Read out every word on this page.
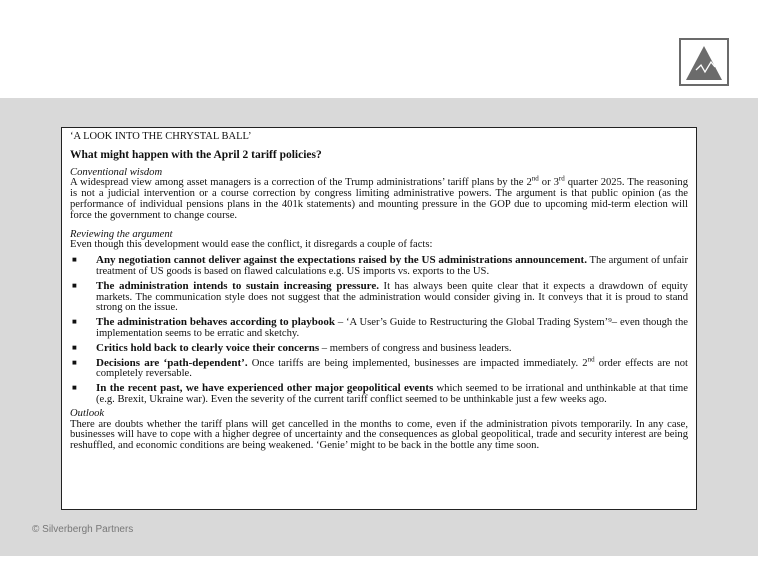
‘A LOOK INTO THE CHRYSTAL BALL’

What might happen with the April 2 tariff policies?

Conventional wisdom

A widespread view among asset managers is a correction of the Trump administrations’ tariff plans by the 2nd or 3rd quarter 2025. The reasoning is not a judicial intervention or a course correction by congress limiting administrative powers. The argument is that public opinion (as the performance of individual pensions plans in the 401k statements) and mounting pressure in the GOP due to upcoming mid-term election will force the government to change course.

Reviewing the argument

Even though this development would ease the conflict, it disregards a couple of facts:

■ Any negotiation cannot deliver against the expectations raised by the US administrations announcement. The argument of unfair treatment of US goods is based on flawed calculations e.g. US imports vs. exports to the US.
■ The administration intends to sustain increasing pressure. It has always been quite clear that it expects a drawdown of equity markets. The communication style does not suggest that the administration would consider giving in. It conveys that it is proud to stand strong on the issue.
■ The administration behaves according to playbook – ‘A User’s Guide to Restructuring the Global Trading System’⁹– even though the implementation seems to be erratic and sketchy.
■ Critics hold back to clearly voice their concerns – members of congress and business leaders.
■ Decisions are ‘path-dependent’. Once tariffs are being implemented, businesses are impacted immediately. 2nd order effects are not completely reversable.
■ In the recent past, we have experienced other major geopolitical events which seemed to be irrational and unthinkable at that time (e.g. Brexit, Ukraine war). Even the severity of the current tariff conflict seemed to be unthinkable just a few weeks ago.

Outlook

There are doubts whether the tariff plans will get cancelled in the months to come, even if the administration pivots temporarily. In any case, businesses will have to cope with a higher degree of uncertainty and the consequences as global geopolitical, trade and security interest are being reshuffled, and economic conditions are being weakened. ‘Genie’ might to be back in the bottle any time soon.

© Silverbergh Partners
